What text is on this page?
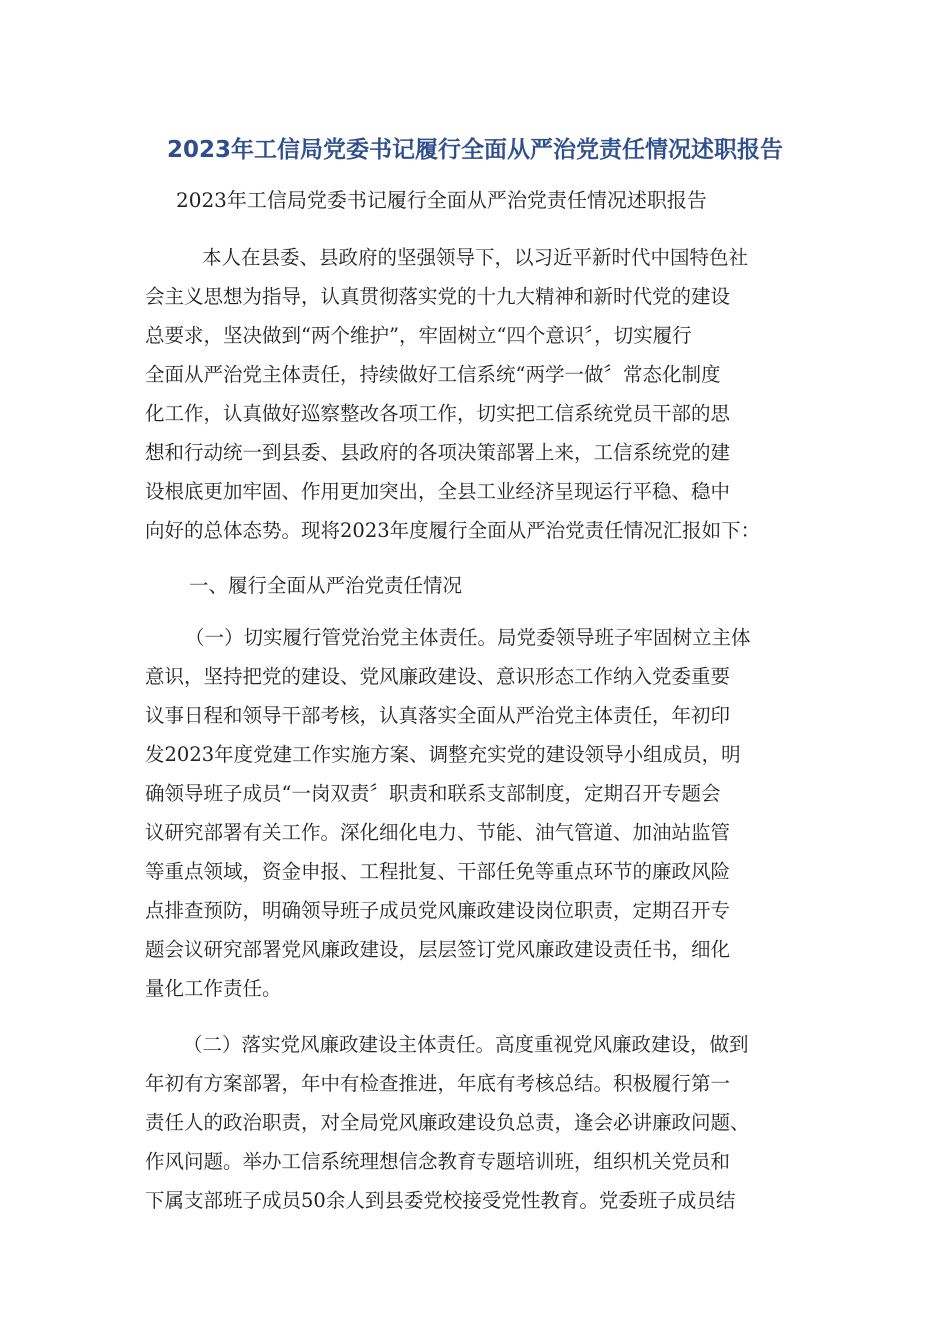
2023年工信局党委书记履行全面从严治党责任情况述职报告

2023年工信局党委书记履行全面从严治党责任情况述职报告

本人在县委、县政府的坚强领导下，以习近平新时代中国特色社
会主义思想为指导，认真贯彻落实党的十九大精神和新时代党的建设
总要求，坚决做到“两个维护”，牢固树立“四个意识〞，切实履行
全面从严治党主体责任，持续做好工信系统“两学一做〞常态化制度
化工作，认真做好巡察整改各项工作，切实把工信系统党员干部的思
想和行动统一到县委、县政府的各项决策部署上来，工信系统党的建
设根底更加牢固、作用更加突出，全县工业经济呈现运行平稳、稳中
向好的总体态势。现将2023年度履行全面从严治党责任情况汇报如下：
一、履行全面从严治党责任情况
（一）切实履行管党治党主体责任。局党委领导班子牢固树立主体
意识，坚持把党的建设、党风廉政建设、意识形态工作纳入党委重要
议事日程和领导干部考核，认真落实全面从严治党主体责任，年初印
发2023年度党建工作实施方案、调整充实党的建设领导小组成员，明
确领导班子成员“一岗双责〞职责和联系支部制度，定期召开专题会
议研究部署有关工作。深化细化电力、节能、油气管道、加油站监管
等重点领域，资金申报、工程批复、干部任免等重点环节的廉政风险
点排查预防，明确领导班子成员党风廉政建设岗位职责，定期召开专
题会议研究部署党风廉政建设，层层签订党风廉政建设责任书，细化
量化工作责任。
（二）落实党风廉政建设主体责任。高度重视党风廉政建设，做到
年初有方案部署，年中有检查推进，年底有考核总结。积极履行第一
责任人的政治职责，对全局党风廉政建设负总责，逢会必讲廉政问题、
作风问题。举办工信系统理想信念教育专题培训班，组织机关党员和
下属支部班子成员50余人到县委党校接受党性教育。党委班子成员结
